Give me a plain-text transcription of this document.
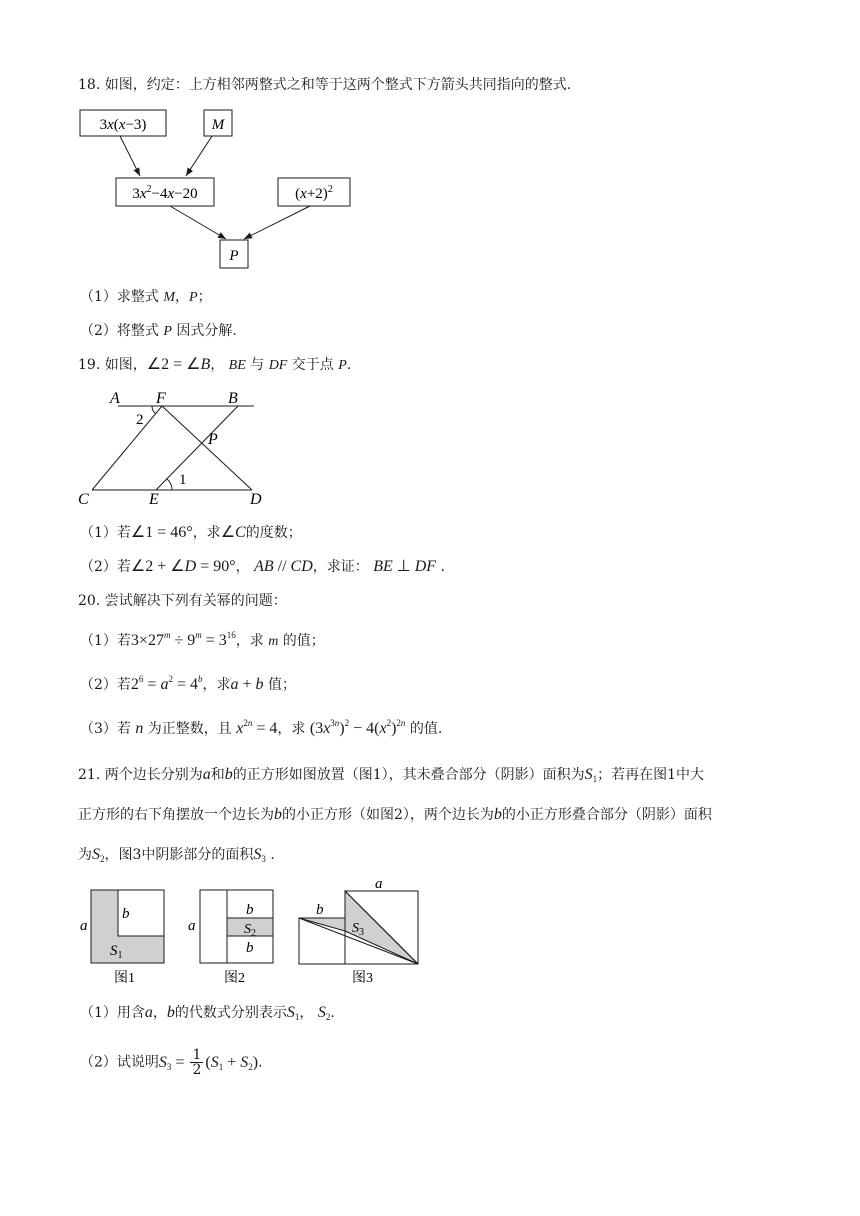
18. 如图，约定：上方相邻两整式之和等于这两个整式下方箭头共同指向的整式.
3x(x−3)	M
$3x^2-4x-20$	$(x+2)^2$
P
（1）求整式 M，P；
（2）将整式 P 因式分解.
19. 如图，∠2 = ∠B， BE 与 DF 交于点 P.
A F	B
2
P
1
C	E	D
（1）若∠1 = 46°，求∠C的度数；
（2）若∠2 + ∠D = 90°， AB // CD，求证： BE ⊥ DF .
20. 尝试解决下列有关幂的问题：
（1）若$3\times 27^m \div 9^m = 3^{16}$，求 m 的值；
（2）若$2^6 = a^2 = 4^b$，求a + b 值；
（3）若 n 为正整数，且 $x^{2n} = 4$，求 $(3x^{3n})^2 - 4(x^2)^{2n}$ 的值.
21. 两个边长分别为a和b的正方形如图放置（图1），其未叠合部分（阴影）面积为$S_1$；若再在图1中大
正方形的右下角摆放一个边长为b的小正方形（如图2），两个边长为b的小正方形叠合部分（阴影）面积
为$S_2$，图3中阴影部分的面积$S_3$ .
a
b
$S_1$
图1
a
b
$S_2$
b
图2
a
b
$S_3$
图3
（1）用含a，b的代数式分别表示$S_1$， $S_2$.
（2）试说明$S_3 = \frac{1}{2} (S_1 + S_2)$.
